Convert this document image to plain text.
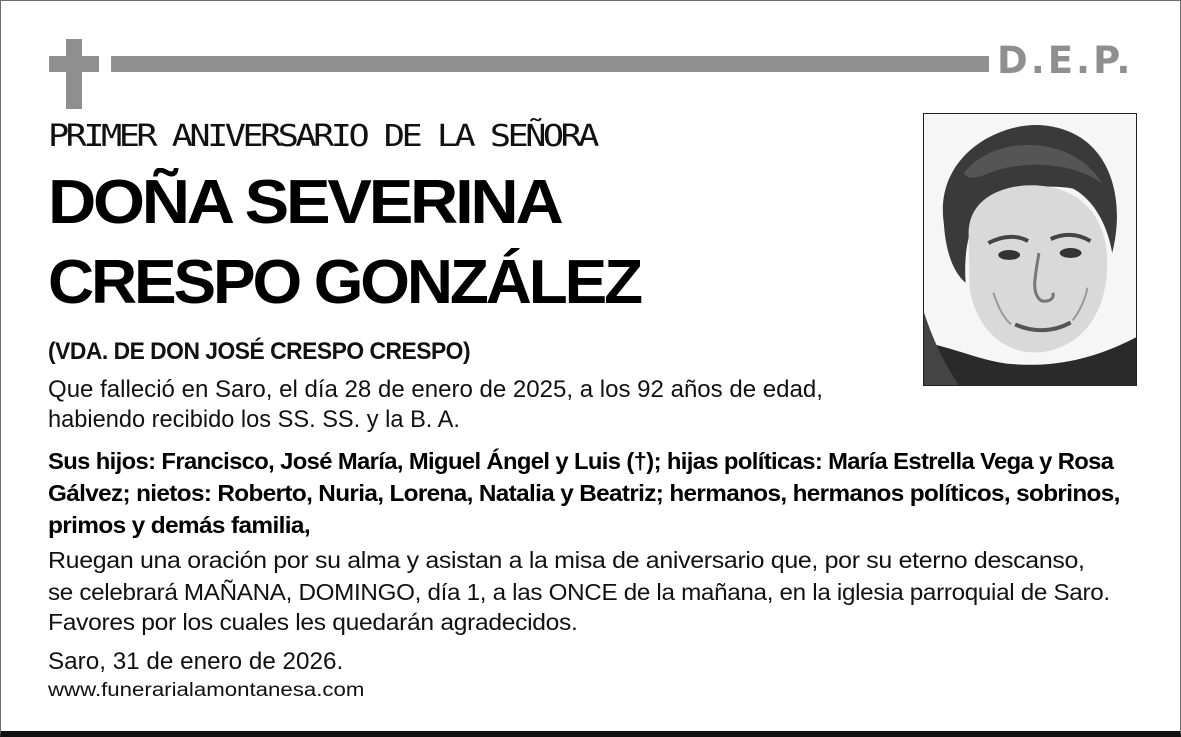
D.E.P.
PRIMER ANIVERSARIO DE LA SEÑORA
DOÑA SEVERINA
CRESPO GONZÁLEZ
(VDA. DE DON JOSÉ CRESPO CRESPO)
Que falleció en Saro, el día 28 de enero de 2025, a los 92 años de edad,
habiendo recibido los SS. SS. y la B. A.
Sus hijos: Francisco, José María, Miguel Ángel y Luis (†); hijas políticas: María Estrella Vega y Rosa
Gálvez; nietos: Roberto, Nuria, Lorena, Natalia y Beatriz; hermanos, hermanos políticos, sobrinos,
primos y demás familia,
Ruegan una oración por su alma y asistan a la misa de aniversario que, por su eterno descanso,
se celebrará MAÑANA, DOMINGO, día 1, a las ONCE de la mañana, en la iglesia parroquial de Saro.
Favores por los cuales les quedarán agradecidos.
Saro, 31 de enero de 2026.
www.funerarialamontanesa.com
